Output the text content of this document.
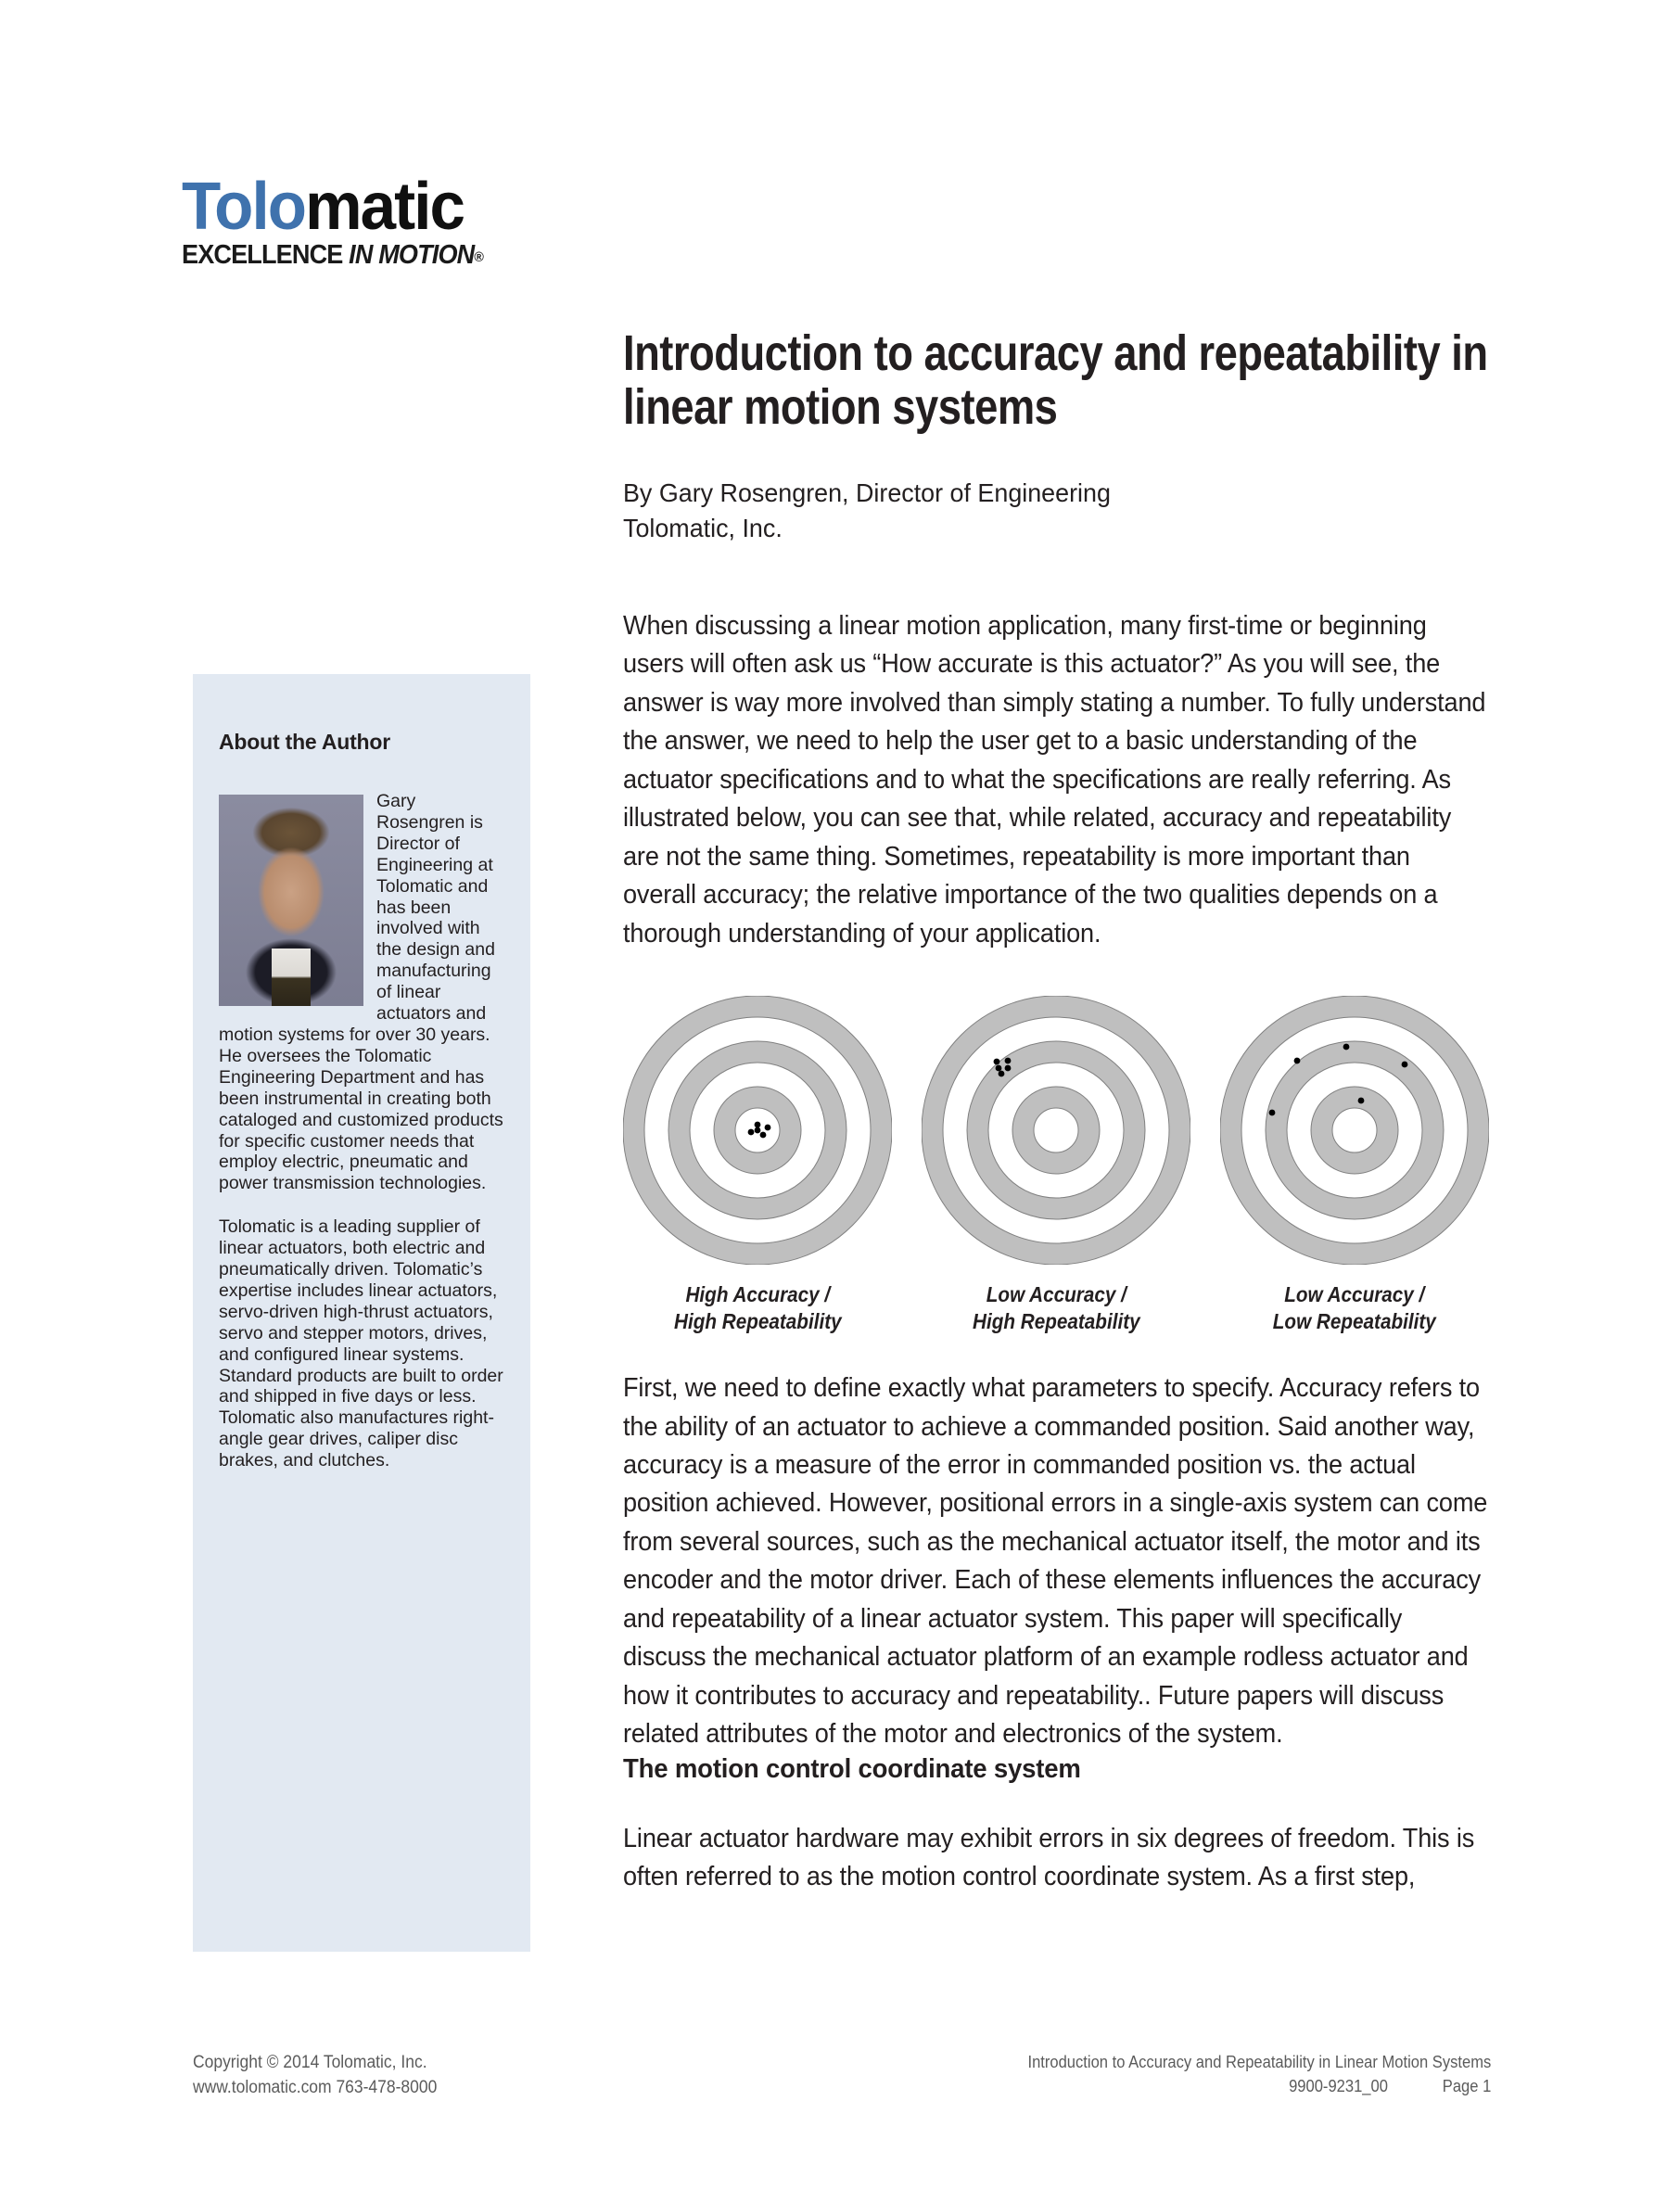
Tolomatic
EXCELLENCE IN MOTION®
About the Author

Gary Rosengren is Director of Engineering at Tolomatic and has been involved with the design and manufacturing of linear actuators and motion systems for over 30 years. He oversees the Tolomatic Engineering Department and has been instrumental in creating both cataloged and customized products for specific customer needs that employ electric, pneumatic and power transmission technologies.

Tolomatic is a leading supplier of linear actuators, both electric and pneumatically driven. Tolomatic’s expertise includes linear actuators, servo-driven high-thrust actuators, servo and stepper motors, drives, and configured linear systems. Standard products are built to order and shipped in five days or less. Tolomatic also manufactures right-angle gear drives, caliper disc brakes, and clutches.

Introduction to accuracy and repeatability in linear motion systems
By Gary Rosengren, Director of Engineering
Tolomatic, Inc.

When discussing a linear motion application, many first-time or beginning users will often ask us “How accurate is this actuator?” As you will see, the answer is way more involved than simply stating a number. To fully understand the answer, we need to help the user get to a basic understanding of the actuator specifications and to what the specifications are really referring. As illustrated below, you can see that, while related, accuracy and repeatability are not the same thing. Sometimes, repeatability is more important than overall accuracy; the relative importance of the two qualities depends on a thorough understanding of your application.

High Accuracy /
High Repeatability
Low Accuracy /
High Repeatability
Low Accuracy /
Low Repeatability

First, we need to define exactly what parameters to specify. Accuracy refers to the ability of an actuator to achieve a commanded position. Said another way, accuracy is a measure of the error in commanded position vs. the actual position achieved. However, positional errors in a single-axis system can come from several sources, such as the mechanical actuator itself, the motor and its encoder and the motor driver. Each of these elements influences the accuracy and repeatability of a linear actuator system. This paper will specifically discuss the mechanical actuator platform of an example rodless actuator and how it contributes to accuracy and repeatability.. Future papers will discuss related attributes of the motor and electronics of the system.

The motion control coordinate system

Linear actuator hardware may exhibit errors in six degrees of freedom. This is often referred to as the motion control coordinate system. As a first step,

Copyright © 2014 Tolomatic, Inc.
www.tolomatic.com 763-478-8000
Introduction to Accuracy and Repeatability in Linear Motion Systems
9900-9231_00	Page 1
